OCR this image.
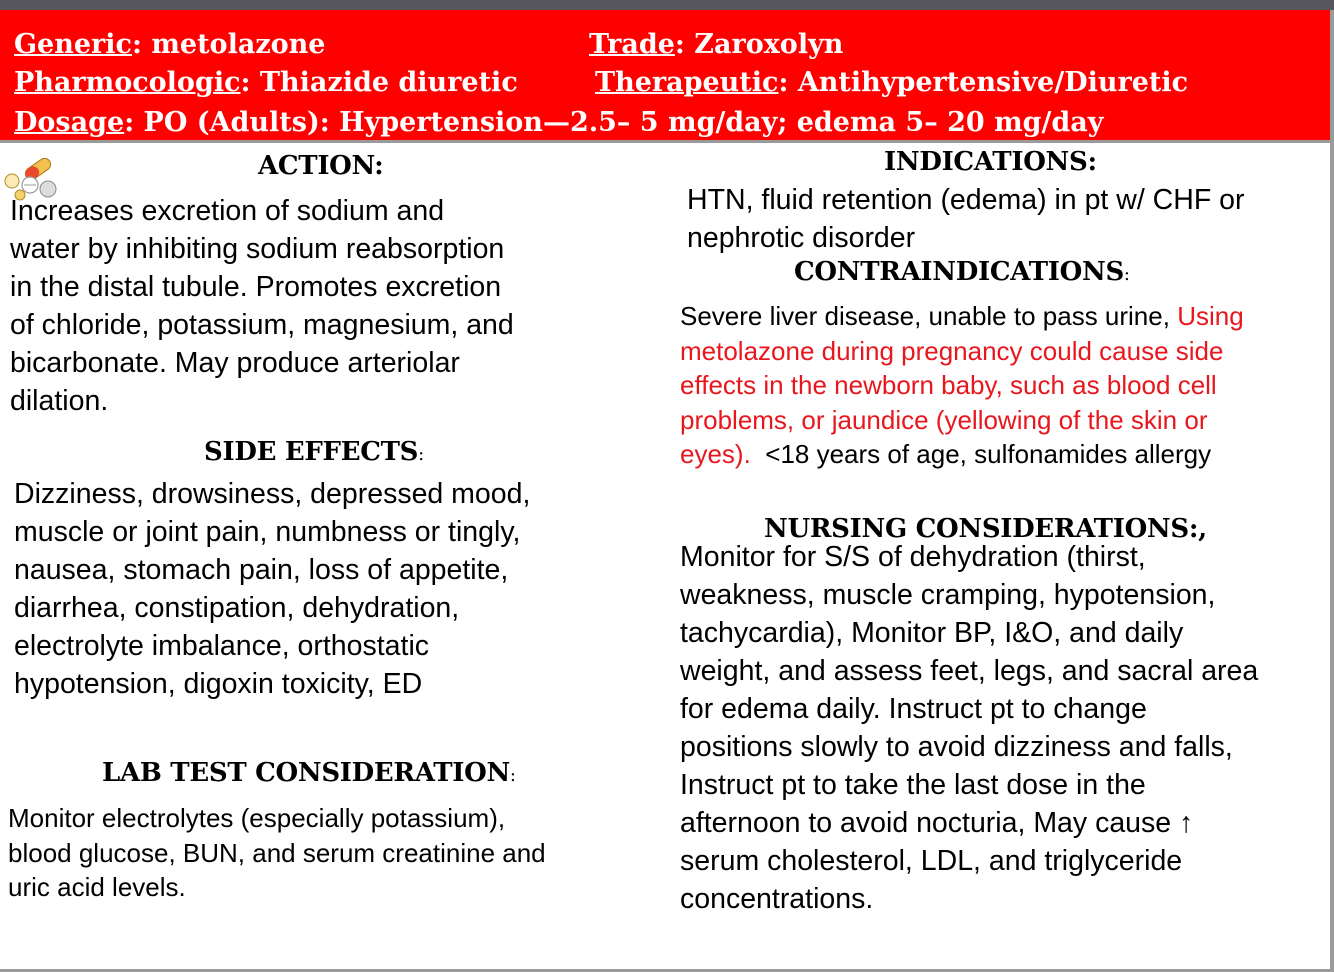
Generic: metolazone	Trade: Zaroxolyn
Pharmocologic: Thiazide diuretic	Therapeutic: Antihypertensive/Diuretic
Dosage: PO (Adults): Hypertension—2.5– 5 mg/day; edema 5– 20 mg/day
ACTION:
Increases excretion of sodium and
water by inhibiting sodium reabsorption
in the distal tubule. Promotes excretion
of chloride, potassium, magnesium, and
bicarbonate. May produce arteriolar
dilation.
SIDE EFFECTS:
Dizziness, drowsiness, depressed mood,
muscle or joint pain, numbness or tingly,
nausea, stomach pain, loss of appetite,
diarrhea, constipation, dehydration,
electrolyte imbalance, orthostatic
hypotension, digoxin toxicity, ED
LAB TEST CONSIDERATION:
Monitor electrolytes (especially potassium),
blood glucose, BUN, and serum creatinine and
uric acid levels.
INDICATIONS:
HTN, fluid retention (edema) in pt w/ CHF or
nephrotic disorder
CONTRAINDICATIONS:
Severe liver disease, unable to pass urine, Using
metolazone during pregnancy could cause side
effects in the newborn baby, such as blood cell
problems, or jaundice (yellowing of the skin or
eyes).  <18 years of age, sulfonamides allergy
NURSING CONSIDERATIONS:,
Monitor for S/S of dehydration (thirst,
weakness, muscle cramping, hypotension,
tachycardia), Monitor BP, I&O, and daily
weight, and assess feet, legs, and sacral area
for edema daily. Instruct pt to change
positions slowly to avoid dizziness and falls,
Instruct pt to take the last dose in the
afternoon to avoid nocturia, May cause ↑
serum cholesterol, LDL, and triglyceride
concentrations.
